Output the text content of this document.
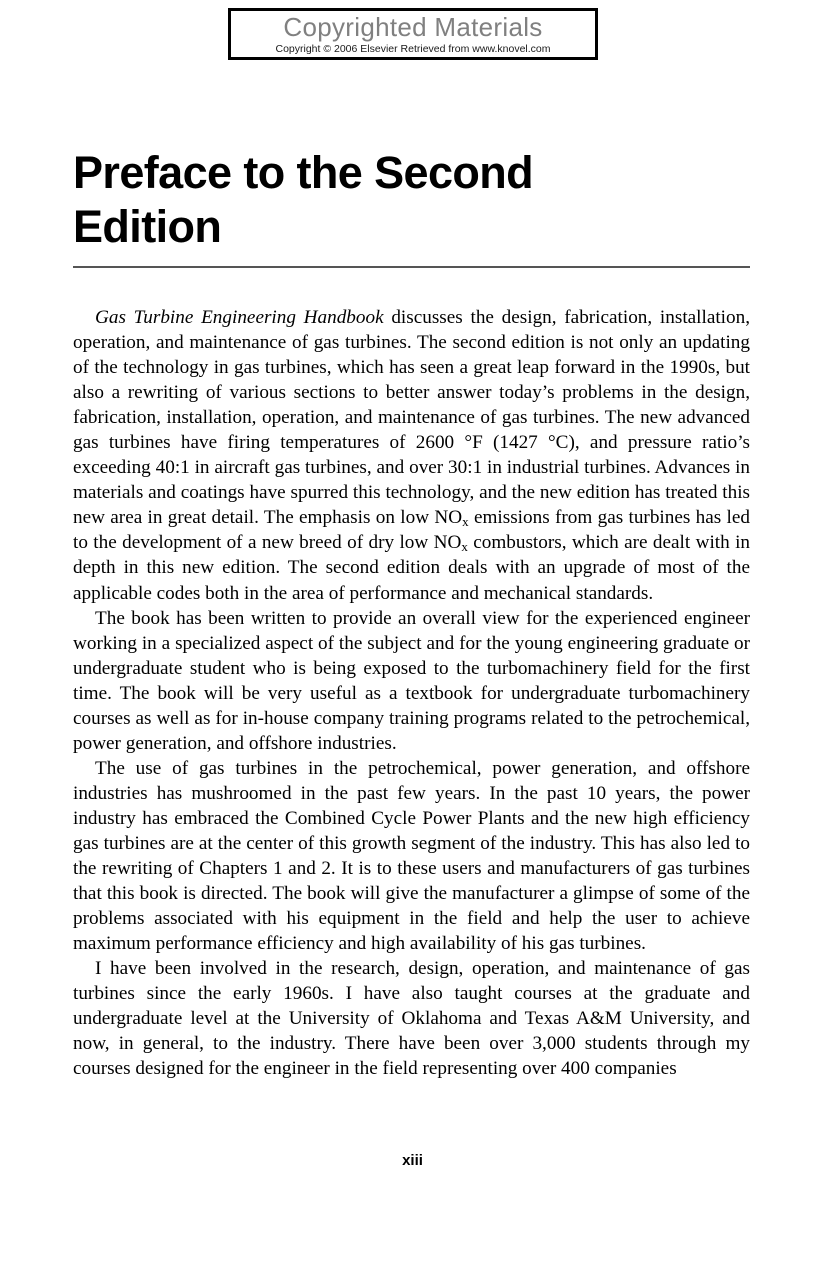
Copyrighted Materials
Copyright © 2006 Elsevier Retrieved from www.knovel.com
Preface to the Second Edition

Gas Turbine Engineering Handbook discusses the design, fabrication, installation, operation, and maintenance of gas turbines. The second edition is not only an updating of the technology in gas turbines, which has seen a great leap forward in the 1990s, but also a rewriting of various sections to better answer today’s problems in the design, fabrication, installation, operation, and maintenance of gas turbines. The new advanced gas turbines have firing temperatures of 2600 °F (1427 °C), and pressure ratio’s exceeding 40:1 in aircraft gas turbines, and over 30:1 in industrial turbines. Advances in materials and coatings have spurred this technology, and the new edition has treated this new area in great detail. The emphasis on low $NO_x$ emissions from gas turbines has led to the development of a new breed of dry low $NO_x$ combustors, which are dealt with in depth in this new edition. The second edition deals with an upgrade of most of the applicable codes both in the area of performance and mechanical standards.

The book has been written to provide an overall view for the experienced engineer working in a specialized aspect of the subject and for the young engineering graduate or undergraduate student who is being exposed to the turbomachinery field for the first time. The book will be very useful as a textbook for undergraduate turbomachinery courses as well as for in-house company training programs related to the petrochemical, power generation, and offshore industries.

The use of gas turbines in the petrochemical, power generation, and offshore industries has mushroomed in the past few years. In the past 10 years, the power industry has embraced the Combined Cycle Power Plants and the new high efficiency gas turbines are at the center of this growth segment of the industry. This has also led to the rewriting of Chapters 1 and 2. It is to these users and manufacturers of gas turbines that this book is directed. The book will give the manufacturer a glimpse of some of the problems associated with his equipment in the field and help the user to achieve maximum performance efficiency and high availability of his gas turbines.

I have been involved in the research, design, operation, and maintenance of gas turbines since the early 1960s. I have also taught courses at the graduate and undergraduate level at the University of Oklahoma and Texas A&M University, and now, in general, to the industry. There have been over 3,000 students through my courses designed for the engineer in the field representing over 400 companies

xiii
